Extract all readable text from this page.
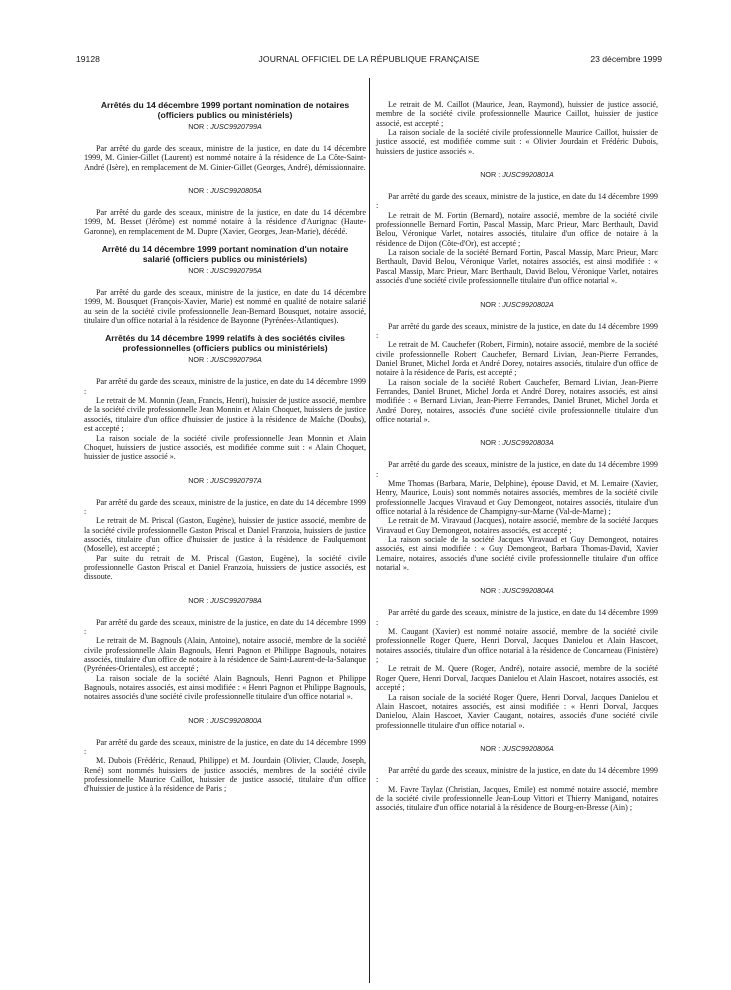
19128	JOURNAL OFFICIEL DE LA RÉPUBLIQUE FRANÇAISE	23 décembre 1999
Arrêtés du 14 décembre 1999 portant nomination de notaires (officiers publics ou ministériels)
NOR : JUSC9920799A

Par arrêté du garde des sceaux, ministre de la justice, en date du 14 décembre 1999, M. Ginier-Gillet (Laurent) est nommé notaire à la résidence de La Côte-Saint-André (Isère), en remplacement de M. Ginier-Gillet (Georges, André), démissionnaire.

NOR : JUSC9920805A

Par arrêté du garde des sceaux, ministre de la justice, en date du 14 décembre 1999, M. Besset (Jérôme) est nommé notaire à la résidence d'Aurignac (Haute-Garonne), en remplacement de M. Dupre (Xavier, Georges, Jean-Marie), décédé.

Arrêté du 14 décembre 1999 portant nomination d'un notaire salarié (officiers publics ou ministériels)
NOR : JUSC9920795A

Par arrêté du garde des sceaux, ministre de la justice, en date du 14 décembre 1999, M. Bousquet (François-Xavier, Marie) est nommé en qualité de notaire salarié au sein de la société civile professionnelle Jean-Bernard Bousquet, notaire associé, titulaire d'un office notarial à la résidence de Bayonne (Pyrénées-Atlantiques).

Arrêtés du 14 décembre 1999 relatifs à des sociétés civiles professionnelles (officiers publics ou ministériels)
NOR : JUSC9920796A

Par arrêté du garde des sceaux, ministre de la justice, en date du 14 décembre 1999 :

Le retrait de M. Monnin (Jean, Francis, Henri), huissier de justice associé, membre de la société civile professionnelle Jean Monnin et Alain Choquet, huissiers de justice associés, titulaire d'un office d'huissier de justice à la résidence de Maîche (Doubs), est accepté ;

La raison sociale de la société civile professionnelle Jean Monnin et Alain Choquet, huissiers de justice associés, est modifiée comme suit : « Alain Choquet, huissier de justice associé ».

NOR : JUSC9920797A

Par arrêté du garde des sceaux, ministre de la justice, en date du 14 décembre 1999 :

Le retrait de M. Priscal (Gaston, Eugène), huissier de justice associé, membre de la société civile professionnelle Gaston Priscal et Daniel Franzoia, huissiers de justice associés, titulaire d'un office d'huissier de justice à la résidence de Faulquemont (Moselle), est accepté ;

Par suite du retrait de M. Priscal (Gaston, Eugène), la société civile professionnelle Gaston Priscal et Daniel Franzoia, huissiers de justice associés, est dissoute.

NOR : JUSC9920798A

Par arrêté du garde des sceaux, ministre de la justice, en date du 14 décembre 1999 :

Le retrait de M. Bagnouls (Alain, Antoine), notaire associé, membre de la société civile professionnelle Alain Bagnouls, Henri Pagnon et Philippe Bagnouls, notaires associés, titulaire d'un office de notaire à la résidence de Saint-Laurent-de-la-Salanque (Pyrénées-Orientales), est accepté ;

La raison sociale de la société Alain Bagnouls, Henri Pagnon et Philippe Bagnouls, notaires associés, est ainsi modifiée : « Henri Pagnon et Philippe Bagnouls, notaires associés d'une société civile professionnelle titulaire d'un office notarial ».

NOR : JUSC9920800A

Par arrêté du garde des sceaux, ministre de la justice, en date du 14 décembre 1999 :

M. Dubois (Frédéric, Renaud, Philippe) et M. Jourdain (Olivier, Claude, Joseph, René) sont nommés huissiers de justice associés, membres de la société civile professionnelle Maurice Caillot, huissier de justice associé, titulaire d'un office d'huissier de justice à la résidence de Paris ;

Le retrait de M. Caillot (Maurice, Jean, Raymond), huissier de justice associé, membre de la société civile professionnelle Maurice Caillot, huissier de justice associé, est accepté ;

La raison sociale de la société civile professionnelle Maurice Caillot, huissier de justice associé, est modifiée comme suit : « Olivier Jourdain et Frédéric Dubois, huissiers de justice associés ».

NOR : JUSC9920801A

Par arrêté du garde des sceaux, ministre de la justice, en date du 14 décembre 1999 :

Le retrait de M. Fortin (Bernard), notaire associé, membre de la société civile professionnelle Bernard Fortin, Pascal Massip, Marc Prieur, Marc Berthault, David Belou, Véronique Varlet, notaires associés, titulaire d'un office de notaire à la résidence de Dijon (Côte-d'Or), est accepté ;

La raison sociale de la société Bernard Fortin, Pascal Massip, Marc Prieur, Marc Berthault, David Belou, Véronique Varlet, notaires associés, est ainsi modifiée : « Pascal Massip, Marc Prieur, Marc Berthault, David Belou, Véronique Varlet, notaires associés d'une société civile professionnelle titulaire d'un office notarial ».

NOR : JUSC9920802A

Par arrêté du garde des sceaux, ministre de la justice, en date du 14 décembre 1999 :

Le retrait de M. Cauchefer (Robert, Firmin), notaire associé, membre de la société civile professionnelle Robert Cauchefer, Bernard Livian, Jean-Pierre Ferrandes, Daniel Brunet, Michel Jorda et André Dorey, notaires associés, titulaire d'un office de notaire à la résidence de Paris, est accepté ;

La raison sociale de la société Robert Cauchefer, Bernard Livian, Jean-Pierre Ferrandes, Daniel Brunet, Michel Jorda et André Dorey, notaires associés, est ainsi modifiée : « Bernard Livian, Jean-Pierre Ferrandes, Daniel Brunet, Michel Jorda et André Dorey, notaires, associés d'une société civile professionnelle titulaire d'un office notarial ».

NOR : JUSC9920803A

Par arrêté du garde des sceaux, ministre de la justice, en date du 14 décembre 1999 :

Mme Thomas (Barbara, Marie, Delphine), épouse David, et M. Lemaire (Xavier, Henry, Maurice, Louis) sont nommés notaires associés, membres de la société civile professionnelle Jacques Viravaud et Guy Demongeot, notaires associés, titulaire d'un office notarial à la résidence de Champigny-sur-Marne (Val-de-Marne) ;

Le retrait de M. Viravaud (Jacques), notaire associé, membre de la société Jacques Viravaud et Guy Demongeot, notaires associés, est accepté ;

La raison sociale de la société Jacques Viravaud et Guy Demongeot, notaires associés, est ainsi modifiée : « Guy Demongeot, Barbara Thomas-David, Xavier Lemaire, notaires, associés d'une société civile professionnelle titulaire d'un office notarial ».

NOR : JUSC9920804A

Par arrêté du garde des sceaux, ministre de la justice, en date du 14 décembre 1999 :

M. Caugant (Xavier) est nommé notaire associé, membre de la société civile professionnelle Roger Quere, Henri Dorval, Jacques Danielou et Alain Hascoet, notaires associés, titulaire d'un office notarial à la résidence de Concarneau (Finistère) ;

Le retrait de M. Quere (Roger, André), notaire associé, membre de la société Roger Quere, Henri Dorval, Jacques Danielou et Alain Hascoet, notaires associés, est accepté ;

La raison sociale de la société Roger Quere, Henri Dorval, Jacques Danielou et Alain Hascoet, notaires associés, est ainsi modifiée : « Henri Dorval, Jacques Danielou, Alain Hascoet, Xavier Caugant, notaires, associés d'une société civile professionnelle titulaire d'un office notarial ».

NOR : JUSC9920806A

Par arrêté du garde des sceaux, ministre de la justice, en date du 14 décembre 1999 :

M. Favre Taylaz (Christian, Jacques, Emile) est nommé notaire associé, membre de la société civile professionnelle Jean-Loup Vittori et Thierry Manigand, notaires associés, titulaire d'un office notarial à la résidence de Bourg-en-Bresse (Ain) ;
